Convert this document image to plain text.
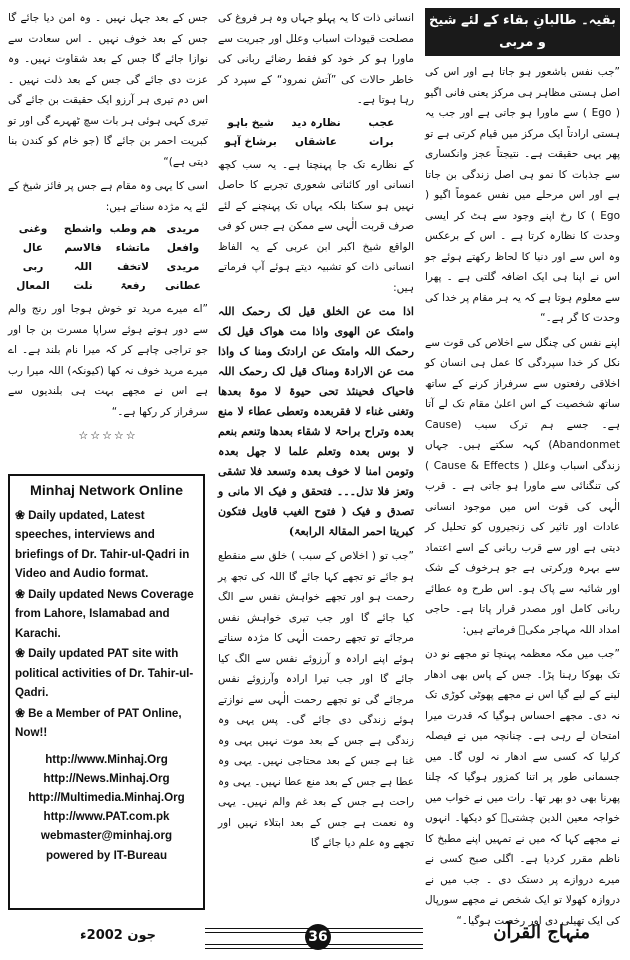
بقیہ۔ طالبانِ بقاء کے لئے شیخ و مربی

”جب نفس باشعور ہو جاتا ہے اور اس کی اصل ہستی مظاہر ہی مرکز یعنی فانی اگیو ( Ego ) سے ماورا ہو جاتی ہے اور جب یہ ہستی ارادتاً ایک مرکز میں قیام کرتی ہے تو پھر یہی حقیقت ہے۔ نتیجتاً عجز وانکساری سے جذبات کا نمو ہی اصل زندگی بن جاتا ہے اور اس مرحلے میں نفس عموماً اگیو ( Ego ) کا رخ اپنے وجود سے ہٹ کر ایسی وحدت کا نظارہ کرتا ہے ۔ اس کے برعکس وہ اس سے اور دنیا کا لحاظ رکھتے ہوئے جو اس نے اپنا ہی ایک اضافہ گلتی ہے ۔ پھرا سے معلوم ہوتا ہے کہ یہ ہر مقام پر خدا کی وحدت کا گر ہے۔“

اپنے نفس کی چنگل سے اخلاص کی قوت سے نکل کر خدا سپردگی کا عمل ہی انسان کو اخلاقی رفعتوں سے سرفراز کرنے کے ساتھ ساتھ شخصیت کے اس اعلیٰ مقام تک لے آتا ہے۔ جسے ہم ترک سبب (Cause Abandonmet) کہہ سکتے ہیں۔ جہاں زندگی اسباب وعلل ( Cause & Effects ) کی تنگنائی سے ماورا ہو جاتی ہے ۔ قرب الٰہی کی قوت اس میں موجود انسانی عادات اور تاثیر کی زنجیروں کو تحلیل کر دیتی ہے اور سے قرب ربانی کے اسے اعتماد سے بہرہ ورکرتی ہے جو ہرخوف کے شک اور شائبہ سے پاک ہو۔ اس طرح وہ عطائے ربانی کامل اور مصدر قرار پاتا ہے۔ حاجی امداد اللہ مہاجر مکیؒ فرماتے ہیں:

”جب میں مکہ معظمہ پہنچا تو مجھے نو دن تک بھوکا رہنا پڑا۔ جس کے پاس بھی ادھار لینے کے لیے گیا اس نے مجھے پھوٹی کوڑی تک نہ دی۔ مجھے احساس ہوگیا کہ قدرت میرا امتحان لے رہی ہے۔ چنانچہ میں نے فیصلہ کرلیا کہ کسی سے ادھار نہ لوں گا۔ میں جسمانی طور پر اتنا کمزور ہوگیا کہ چلنا پھرنا بھی دو بھر تھا۔ رات میں نے خواب میں خواجہ معین الدین چشتیؒ کو دیکھا۔ انہوں نے مجھے کہا کہ میں نے تمہیں اپنے مطبخ کا ناظم مقرر کردیا ہے۔ اگلی صبح کسی نے میرے دروازے پر دستک دی ۔ جب میں نے دروازہ کھولا تو ایک شخص نے مجھے سورپال کی ایک تھیلی دی اور رخصت ہوگیا۔“

انسانی ذات کا یہ پہلو جہاں وہ ہر فروغ کی مصلحت قیودات اسباب وعلل اور جبریت سے ماورا ہو کر خود کو فقط رضائے ربانی کی خاطر حالات کی ”آتش نمرود“ کے سپرد کر رہا ہوتا ہے۔

عجب
نظارہ دید
شیخ باہو
برات
عاشقاں
برشاخ آہو

کے نظارے تک جا پہنچتا ہے۔ یہ سب کچھ انسانی اور کائناتی شعوری تجربے کا حاصل نہیں ہو سکتا بلکہ یہاں تک پہنچنے کے لئے صرف قربت الٰہی سے ممکن ہے جس کو فی الواقع شیخ اکبر ابن عربی کے یہ الفاظ انسانی ذات کو تشبیہ دیتے ہوئے آپ فرماتے ہیں:

اذا مت عن الخلق قیل لک رحمک اللہ وامتک عن الھوی واذا مت ھواک قیل لک رحمک اللہ وامتک عن ارادتک ومنا ک واذا مت عن الارادۃ ومناک قیل لک رحمک اللہ فاحیاک فحینئذ تحی حیوۃ لا موۃ بعدھا وتغنی غناء لا فقربعدہ وتعطی عطاء لا منع بعدہ وتراح براحۃ لا شقاء بعدھا وتنعم بنعم لا بوس بعدہ وتعلم علما لا جھل بعدہ وتومن امنا لا خوف بعدہ وتسعد فلا تشقی وتعز فلا تذل۔۔۔ فتحقق و فیک الا مانی و تصدق و فیک ( فتوح الغیب قاویل فتکون کبریتا احمر المقالۃ الرابعۃ)

”جب تو ( اخلاص کے سبب ) خلق سے منقطع ہو جائے تو تجھے کہا جائے گا اللہ کی تجھ پر رحمت ہو اور تجھے خواہش نفس سے الگ کیا جائے گا اور جب تیری خواہش نفس مرجائے تو تجھے رحمت الٰہی کا مژدہ سناتے ہوئے اپنے ارادہ و آرزوئے نفس سے الگ کیا جائے گا اور جب تیرا ارادہ وآرزوئے نفس مرجائے گی تو تجھے رحمت الٰہی سے نوازتے ہوئے زندگی دی جائے گی۔ پس یہی وہ زندگی ہے جس کے بعد موت نہیں یہی وہ غنا ہے جس کے بعد محتاجی نہیں۔ یہی وہ عطا ہے جس کے بعد منع عطا نہیں۔ یہی وہ راحت ہے جس کے بعد غم والم نہیں۔ یہی وہ نعمت ہے جس کے بعد ابتلاء نہیں اور تجھے وہ علم دیا جائے گا

جس کے بعد جہل نہیں ۔ وہ امن دیا جائے گا جس کے بعد خوف نہیں ۔ اس سعادت سے نوازا جائے گا جس کے بعد شقاوت نہیں۔ وہ عزت دی جائے گی جس کے بعد ذلت نہیں ۔ اس دم تیری ہر آرزو ایک حقیقت بن جائے گی تیری کہی ہوئی ہر بات سچ ٹھہرے گی اور تو کبریت احمر بن جائے گا (جو خام کو کندن بنا دیتی ہے)“

اسی کا یہی وہ مقام ہے جس پر فائز شیخ کے لئے یہ مژدہ سناتے ہیں:

مریدی
ھم وطب
واشطح
وغنی
وافعل
ماتشاء
فالاسم
عال
مریدی
لاتخف
اللہ
ربی
عطانی
رفعۃ
نلت
المعال

”اے میرے مرید تو خوش ہوجا اور رنج والم سے دور ہوتے ہوئے سراپا مسرت بن جا اور جو تراجی چاہے کر کہ میرا نام بلند ہے۔ اے میرے مرید خوف نہ کھا (کیونکہ) اللہ میرا رب ہے اس نے مجھے بہت ہی بلندیوں سے سرفراز کر رکھا ہے۔“

☆☆☆☆☆
Minhaj Network Online
❀ Daily updated, Latest speeches, interviews and briefings of Dr. Tahir-ul-Qadri in Video and Audio format.
❀ Daily updated News Coverage from Lahore, Islamabad and Karachi.
❀ Daily updated PAT site with political activities of Dr. Tahir-ul-Qadri.
❀ Be a Member of PAT Online, Now!!
http://www.Minhaj.Org
http://News.Minhaj.Org
http://Multimedia.Minhaj.Org
http://www.PAT.com.pk
webmaster@minhaj.org
powered by IT-Bureau
جون 2002ء	36	منہاج القرآن
